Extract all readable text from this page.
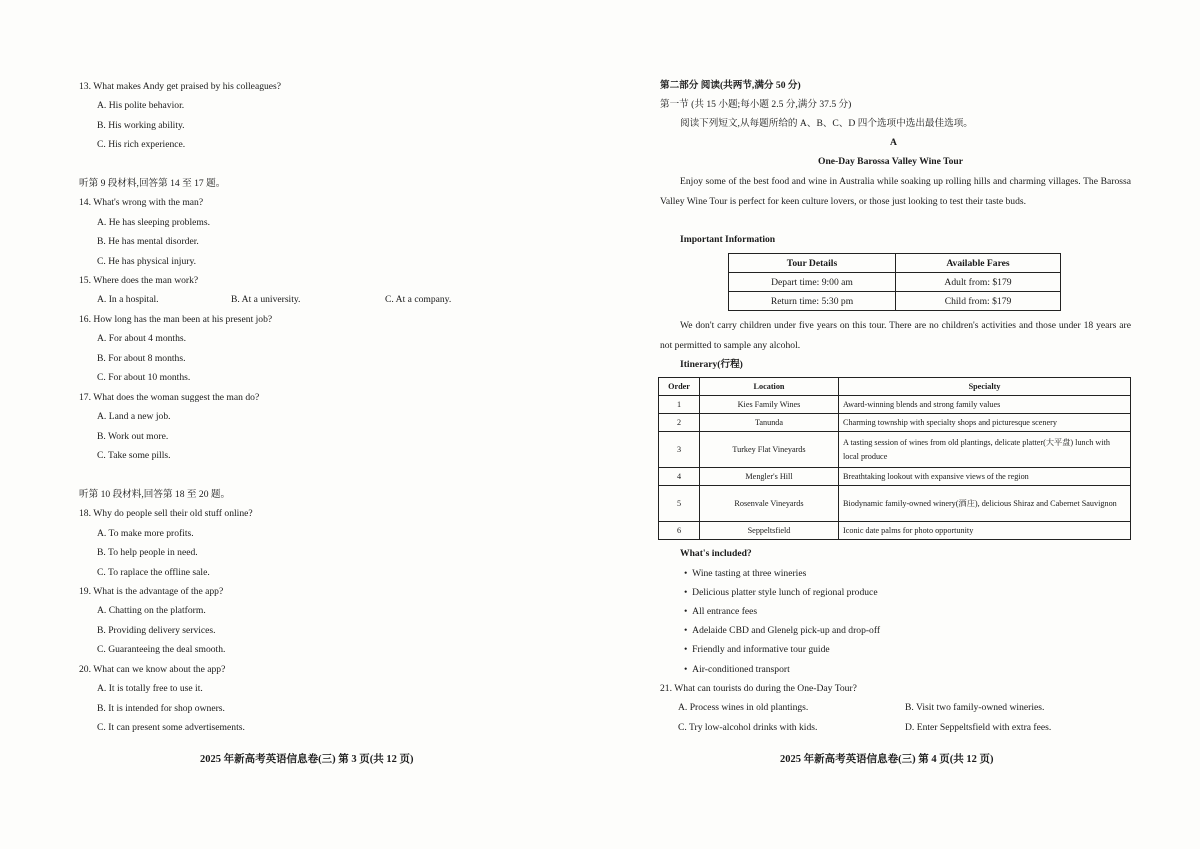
13. What makes Andy get praised by his colleagues?
A. His polite behavior.
B. His working ability.
C. His rich experience.
听第 9 段材料,回答第 14 至 17 题。
14. What's wrong with the man?
A. He has sleeping problems.
B. He has mental disorder.
C. He has physical injury.
15. Where does the man work?
A. In a hospital.	B. At a university.	C. At a company.
16. How long has the man been at his present job?
A. For about 4 months.
B. For about 8 months.
C. For about 10 months.
17. What does the woman suggest the man do?
A. Land a new job.
B. Work out more.
C. Take some pills.
听第 10 段材料,回答第 18 至 20 题。
18. Why do people sell their old stuff online?
A. To make more profits.
B. To help people in need.
C. To raplace the offline sale.
19. What is the advantage of the app?
A. Chatting on the platform.
B. Providing delivery services.
C. Guaranteeing the deal smooth.
20. What can we know about the app?
A. It is totally free to use it.
B. It is intended for shop owners.
C. It can present some advertisements.
2025 年新高考英语信息卷(三) 第 3 页(共 12 页)
第二部分 阅读(共两节,满分 50 分)
第一节 (共 15 小题;每小题 2.5 分,满分 37.5 分)
阅读下列短文,从每题所给的 A、B、C、D 四个选项中选出最佳选项。
A
One-Day Barossa Valley Wine Tour
Enjoy some of the best food and wine in Australia while soaking up rolling hills and charming villages. The Barossa Valley Wine Tour is perfect for keen culture lovers, or those just looking to test their taste buds.
Important Information
Tour Details	Available Fares
Depart time: 9:00 am	Adult from: $179
Return time: 5:30 pm	Child from: $179
We don't carry children under five years on this tour. There are no children's activities and those under 18 years are not permitted to sample any alcohol.
Itinerary(行程)
Order	Location	Specialty
1	Kies Family Wines	Award-winning blends and strong family values
2	Tanunda	Charming township with specialty shops and picturesque scenery
3	Turkey Flat Vineyards	A tasting session of wines from old plantings, delicate platter(大平盘) lunch with local produce
4	Mengler's Hill	Breathtaking lookout with expansive views of the region
5	Rosenvale Vineyards	Biodynamic family-owned winery(酒庄), delicious Shiraz and Cabernet Sauvignon
6	Seppeltsfield	Iconic date palms for photo opportunity
What's included?
•  Wine tasting at three wineries
•  Delicious platter style lunch of regional produce
•  All entrance fees
•  Adelaide CBD and Glenelg pick-up and drop-off
•  Friendly and informative tour guide
•  Air-conditioned transport
21. What can tourists do during the One-Day Tour?
A. Process wines in old plantings.	B. Visit two family-owned wineries.
C. Try low-alcohol drinks with kids.	D. Enter Seppeltsfield with extra fees.
2025 年新高考英语信息卷(三) 第 4 页(共 12 页)
